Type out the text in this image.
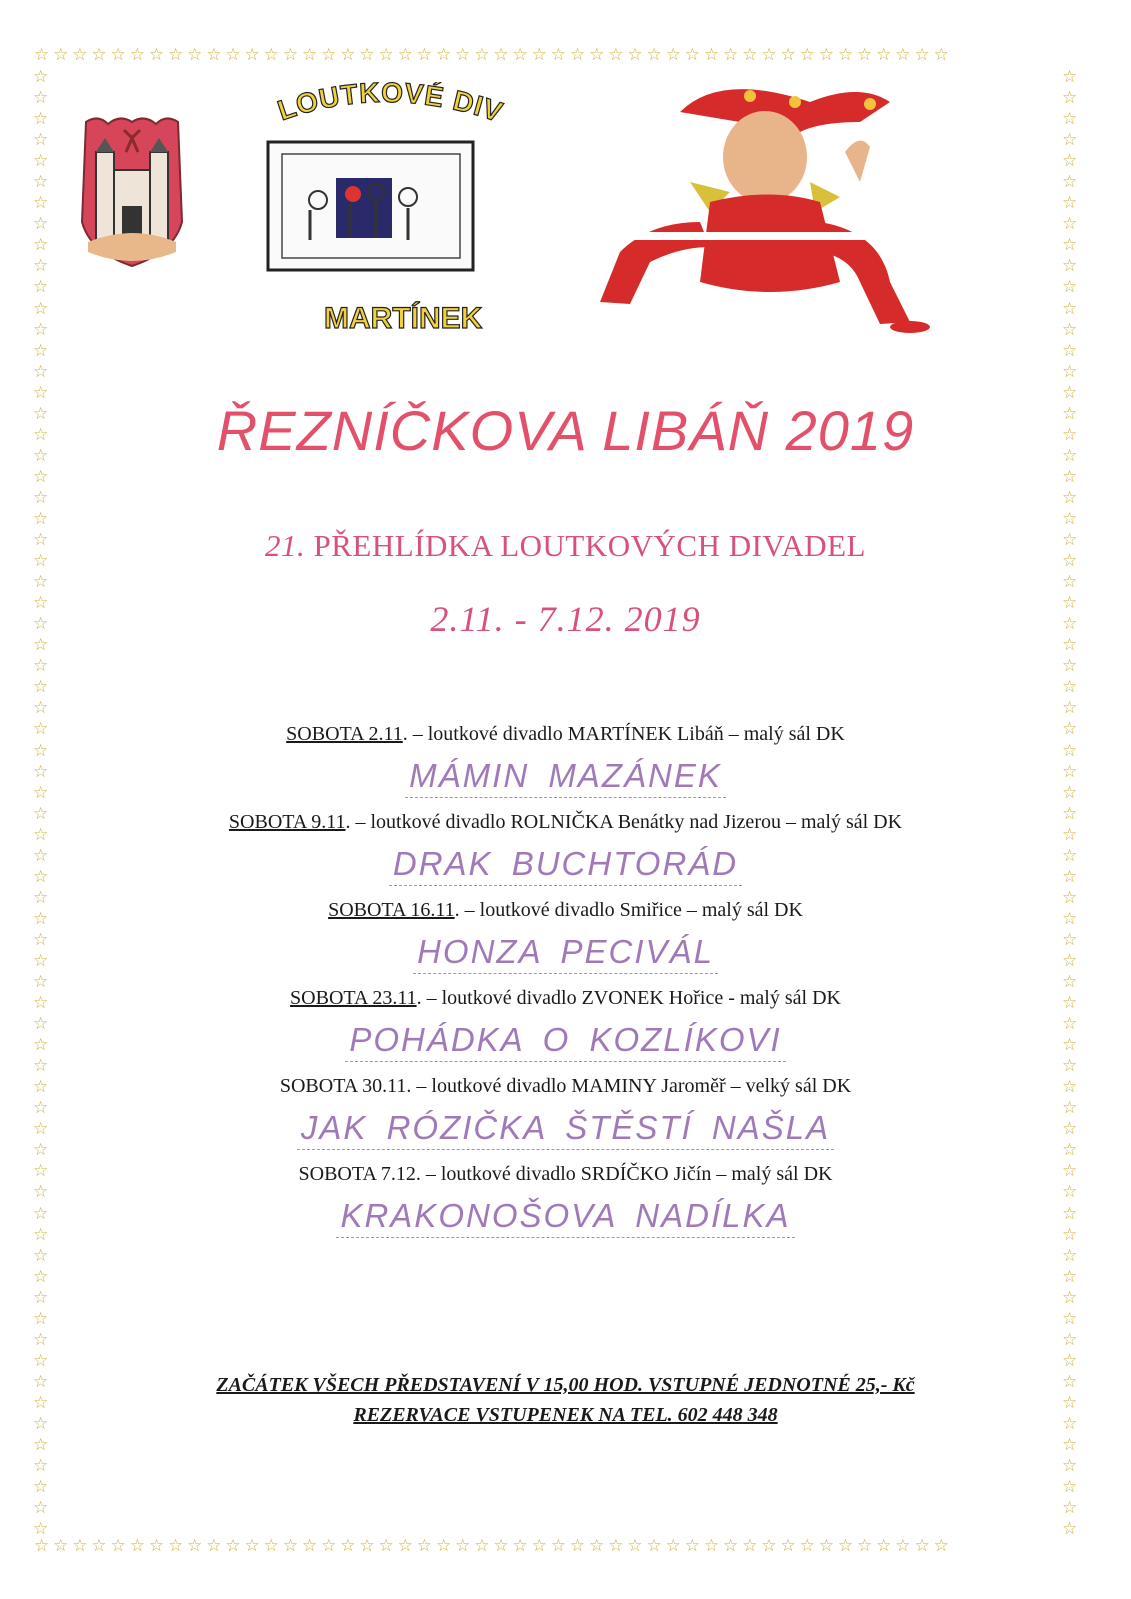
☆☆☆☆☆☆☆☆☆☆☆☆☆☆☆☆☆☆☆☆☆☆☆☆☆☆☆☆☆☆☆☆☆☆☆☆☆☆☆☆☆☆☆☆☆☆☆☆
☆☆☆☆☆☆☆☆☆☆☆☆☆☆☆☆☆☆☆☆☆☆☆☆☆☆☆☆☆☆☆☆☆☆☆☆☆☆☆☆☆☆☆☆☆☆☆☆
☆☆☆☆☆☆☆☆☆☆☆☆☆☆☆☆☆☆☆☆☆☆☆☆☆☆☆☆☆☆☆☆☆☆☆☆☆☆☆☆☆☆☆☆☆☆☆☆☆☆☆☆☆☆☆☆☆☆☆☆☆☆☆☆☆☆☆☆☆☆
☆☆☆☆☆☆☆☆☆☆☆☆☆☆☆☆☆☆☆☆☆☆☆☆☆☆☆☆☆☆☆☆☆☆☆☆☆☆☆☆☆☆☆☆☆☆☆☆☆☆☆☆☆☆☆☆☆☆☆☆☆☆☆☆☆☆☆☆☆☆
LOUTKOVÉ DIV
MARTÍNEK
ŘEZNÍČKOVA LIBÁŇ 2019
21. PŘEHLÍDKA LOUTKOVÝCH DIVADEL
2.11. - 7.12. 2019
SOBOTA 2.11. – loutkové divadlo MARTÍNEK Libáň – malý sál DK
MÁMIN MAZÁNEK
SOBOTA 9.11. – loutkové divadlo ROLNIČKA Benátky nad Jizerou – malý sál DK
DRAK BUCHTORÁD
SOBOTA 16.11. – loutkové divadlo Smiřice – malý sál DK
HONZA PECIVÁL
SOBOTA 23.11. – loutkové divadlo ZVONEK Hořice - malý sál DK
POHÁDKA O KOZLÍKOVI
SOBOTA 30.11. – loutkové divadlo MAMINY Jaroměř – velký sál DK
JAK RÓZIČKA ŠTĚSTÍ NAŠLA
SOBOTA 7.12. – loutkové divadlo SRDÍČKO Jičín – malý sál DK
KRAKONOŠOVA NADÍLKA
ZAČÁTEK VŠECH PŘEDSTAVENÍ V 15,00 HOD. VSTUPNÉ JEDNOTNÉ 25,- Kč
REZERVACE VSTUPENEK NA TEL. 602 448 348
